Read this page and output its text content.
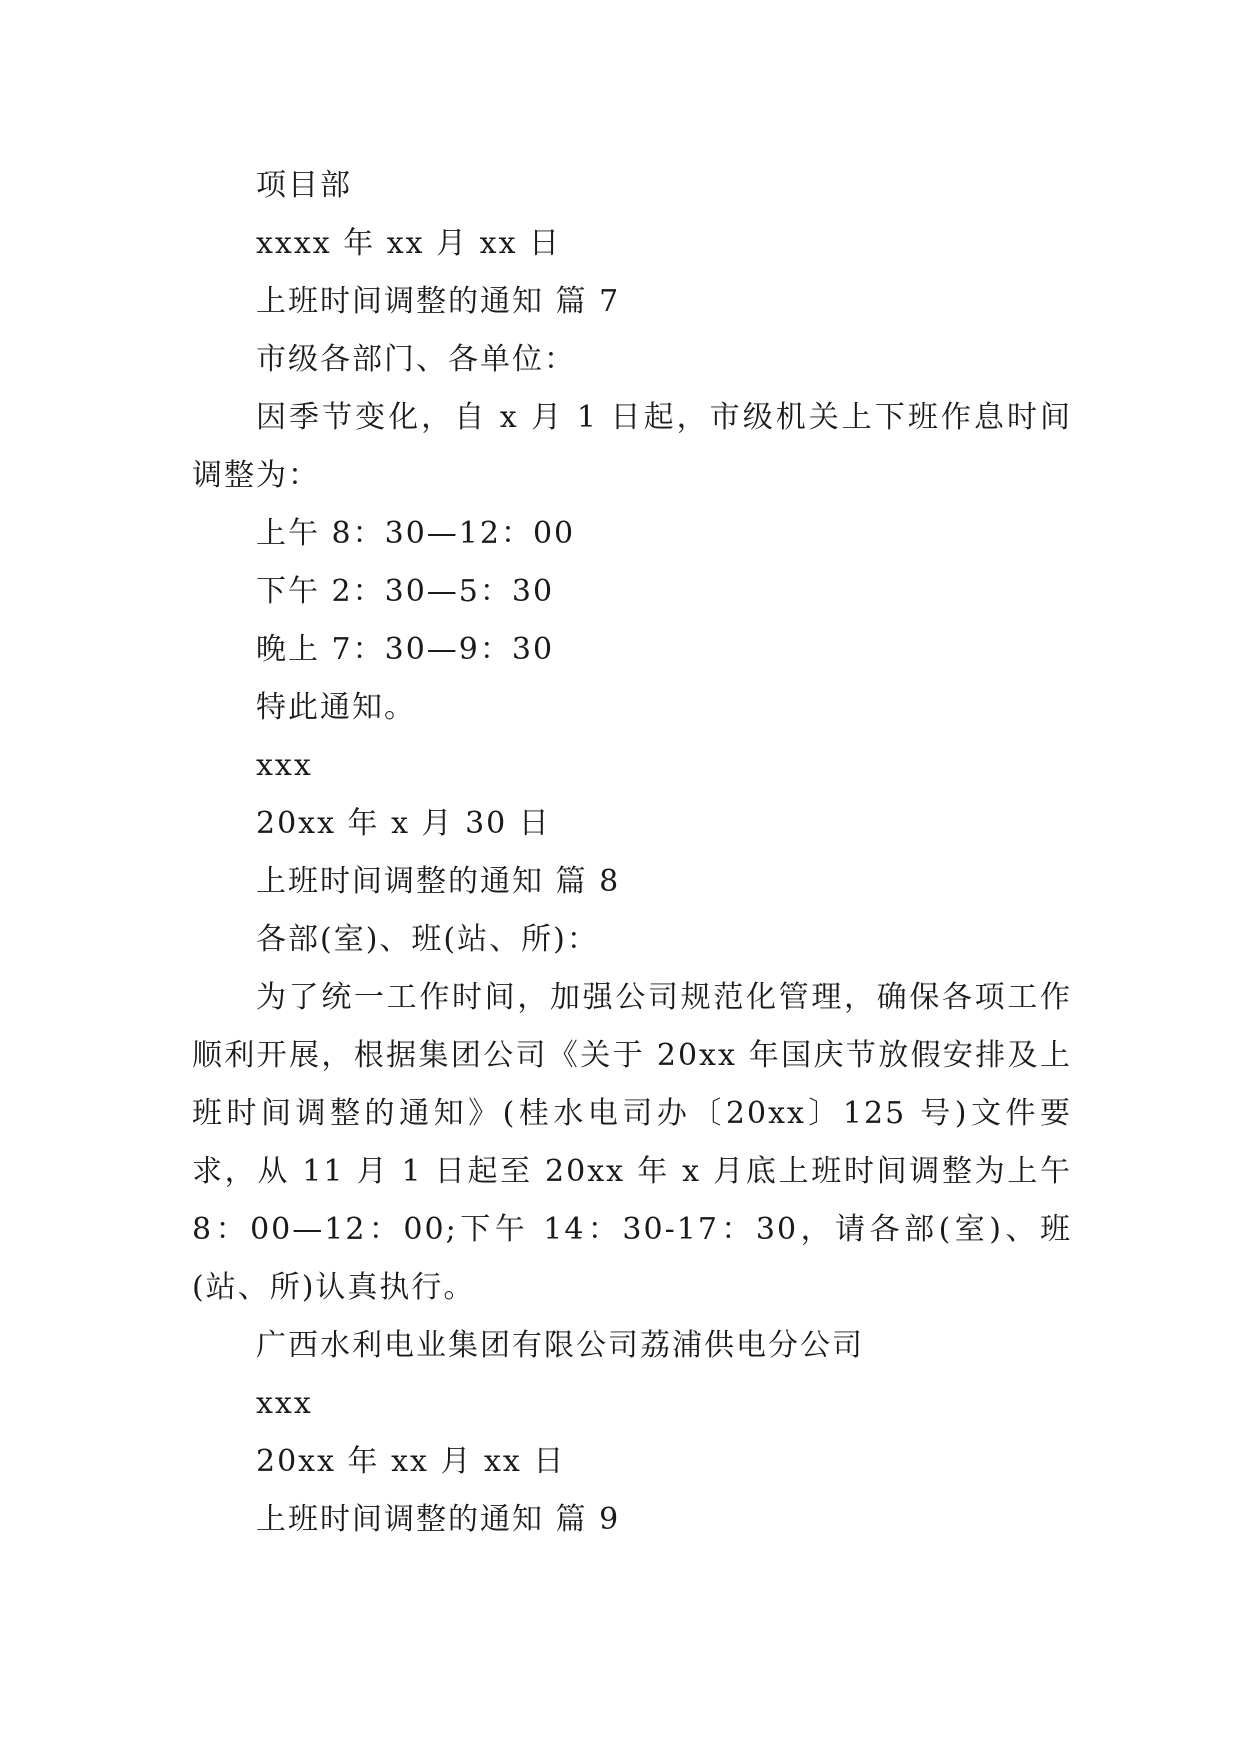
项目部

xxxx 年 xx 月 xx 日

上班时间调整的通知 篇 7

市级各部门、各单位：

因季节变化，自 x 月 1 日起，市级机关上下班作息时间调整为：

上午 8：30—12：00

下午 2：30—5：30

晚上 7：30—9：30

特此通知。

xxx

20xx 年 x 月 30 日

上班时间调整的通知 篇 8

各部(室)、班(站、所)：

为了统一工作时间，加强公司规范化管理，确保各项工作顺利开展，根据集团公司《关于 20xx 年国庆节放假安排及上班时间调整的通知》(桂水电司办〔20xx〕125 号)文件要求，从 11 月 1 日起至 20xx 年 x 月底上班时间调整为上午 8：00—12：00;下午 14：30-17：30，请各部(室)、班(站、所)认真执行。

广西水利电业集团有限公司荔浦供电分公司

xxx

20xx 年 xx 月 xx 日

上班时间调整的通知 篇 9
